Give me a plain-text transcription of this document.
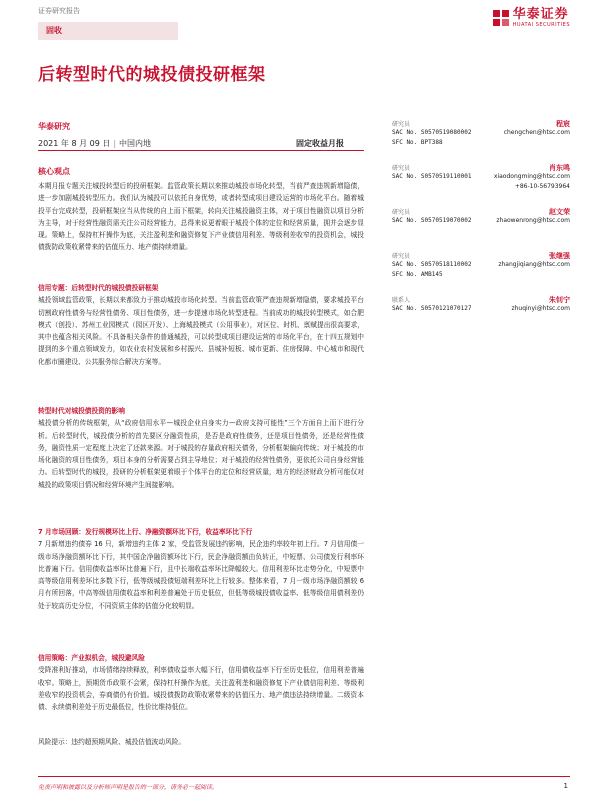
证券研究报告	华泰证券
HUATAI SECURITIES
固收
后转型时代的城投债投研框架
华泰研究
2021 年 8 月 09 日 | 中国内地	固定收益月报
研究员	程宸
SAC No. S0570519080002
SFC No. BPT388
chengchen@htsc.com
研究员	肖东鸣
SAC No. S0570519110001	xiaodongming@htsc.com
+86-10-56793964
研究员	赵文荣
SAC No. S0570519070002	zhaowenrong@htsc.com
研究员	张继强
SAC No. S0570518110002
SFC No. AMB145
zhangjiqiang@htsc.com
联系人	朱钊宁
SAC No. S0570121070127	zhuqinyi@htsc.com
核心观点
本期月报专题关注城投转型后的投研框架。监管政策长期以来推动城投市场化转型，当前严查违规新增隐债，进一步加剧城投转型压力。我们认为城投可以依托自身优势，或者转型成项目建设运营的市场化平台。随着城投平台完成转型，投研框架应当从传统的自上而下框架，转向关注城投融资主体，对于项目性融资以项目分析为主导，对于经营性融资需关注公司经营能力，总得来说更着眼于城投个体的定位和经营质量，拥并会逐步显现。策略上，保持杠杆操作为底，关注盈利垄和融资修复下产业债信用利差、等级利差收窄的投资机会，城投债拨防政策收紧带来的估值压力、地产债持续增量。
信用专题：后转型时代的城投债投研框架
城投领域监管政策，长期以来都致力于推动城投市场化转型。当前监管政策严查违规新增隐债，要求城投平台切割政府性债务与经营性债务、项目性债务，进一步提速市场化转型进程。当前成功的城投转型模式，如合肥模式（创投）、苏州工业园模式（园区开发）、上海城投模式（公用事业），对区位、时机、禀赋提出很高要求，其中也蕴含相关风险。不具备相关条件的普通城投，可以转型成项目建设运营的市场化平台，在十四五规划中提到的多个重点领域发力，如农业农村发展和乡村振兴、县城补短板、城市更新、住房保障、中心城市和现代化都市圈建设、公共服务综合解决方案等。
转型时代对城投债投资的影响
城投债分析的传统框架，从“政府信用水平—城投企业自身实力—政府支持可能性”三个方面自上而下进行分析。后转型时代，城投债分析的首先要区分融资性质，是否是政府性债务，还是项目性债务，还是经营性债务，融资性质一定程度上决定了还款来源。对于城投的存量政府相关债务，分析框架偏向传统；对于城投的市场化融资的项目性债务，项目本身的分析需要占到主导地位；对于城投的经营性债务，更依托公司自身经营能力。后转型时代的城投，投研的分析框架更着眼于个体平台的定位和经营质量，地方的经济财政分析可能仅对城投的政策项目情况和经营环境产生间接影响。
7 月市场回顾：发行规模环比上行、净融资额环比下行，收益率环比下行
7 月新增违约债券 16 只，新增违约主体 2 家，受监管发展违约影响，民企违约率较年初上行。7 月信用债一级市场净融资额环比下行，其中国企净融资额环比下行，民企净融资额由负转正，中短票、公司债发行利率环比普遍下行。信用债收益率环比普遍下行，且中长端收益率环比降幅较大。信用利差环比走势分化，中短票中高等级信用利差环比多数下行，低等级城投债短端利差环比上行较多。整体来看，7 月一级市场净融资额较 6 月有所回落，中高等级信用债收益率和利差普遍处于历史低位，但低等级城投债收益率、低等级信用债利差仍处于较高历史分位，不同资质主体的估值分化较明显。
信用策略：产业拟机会，城投避风险
受降准利好推动，市场情绪持续释放，利率债收益率大幅下行，信用债收益率下行至历史低位，信用利差普遍收窄。策略上，预期货币政策不会紧，保持杠杆操作为底，关注盈利垄和融资修复下产业债信用利差、等级利差收窄的投资机会，券商债仍有价值。城投债拨防政策收紧带来的估值压力、地产债违法持续增量。二级资本债、永续债利差处于历史最低位，性价比维持低位。
风险提示：违约超预期风险、城投估值波动风险。
免责声明和披露以及分析师声明是报告的一部分，请务必一起阅读。	1
